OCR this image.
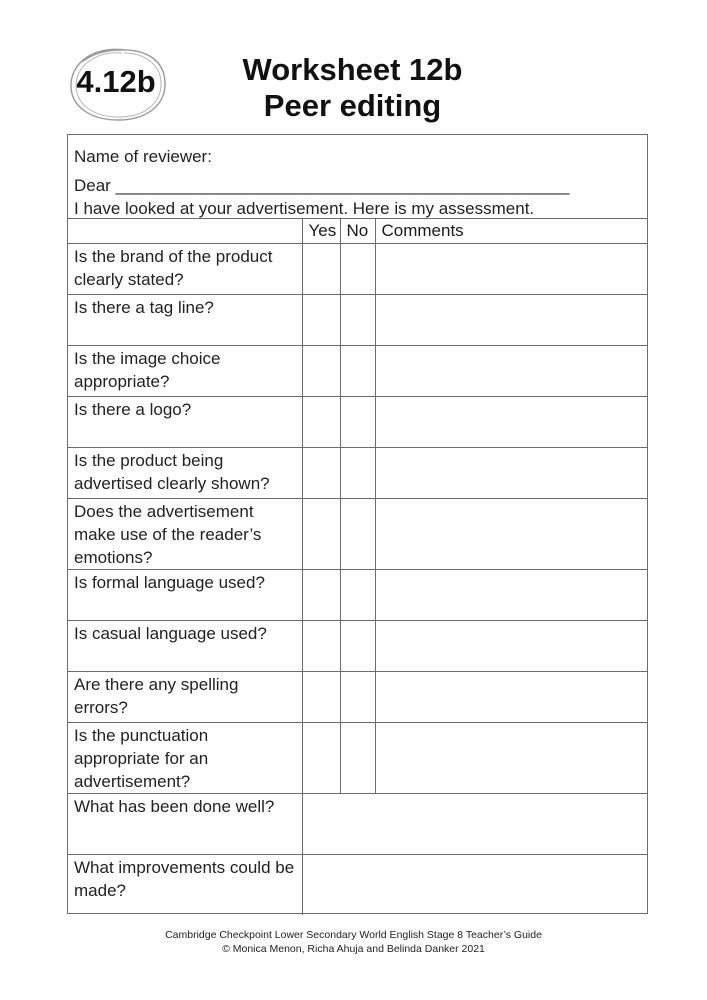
4.12b	Worksheet 12b
Peer editing
Name of reviewer:
Dear ________________________________________________
I have looked at your advertisement. Here is my assessment.
	Yes	No	Comments
Is the brand of the product clearly stated?			
Is there a tag line?			
Is the image choice appropriate?			
Is there a logo?			
Is the product being advertised clearly shown?			
Does the advertisement make use of the reader’s emotions?			
Is formal language used?			
Is casual language used?			
Are there any spelling errors?			
Is the punctuation appropriate for an advertisement?			
What has been done well?			
What improvements could be made?			
Cambridge Checkpoint Lower Secondary World English Stage 8 Teacher’s Guide
© Monica Menon, Richa Ahuja and Belinda Danker 2021
